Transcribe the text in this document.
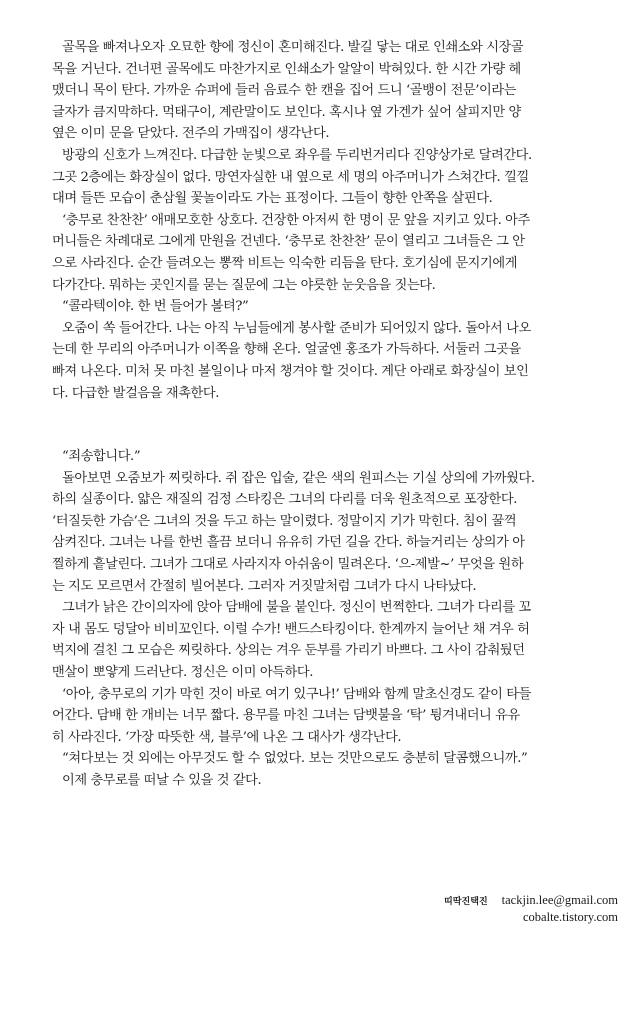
골목을 빠져나오자 오묘한 향에 정신이 혼미해진다. 발길 닿는 대로 인쇄소와 시장골
목을 거닌다. 건너편 골목에도 마찬가지로 인쇄소가 알알이 박혀있다. 한 시간 가량 헤
맸더니 목이 탄다. 가까운 슈퍼에 들러 음료수 한 캔을 집어 드니 ‘골뱅이 전문’이라는
글자가 큼지막하다. 먹태구이, 계란말이도 보인다. 혹시나 옆 가겐가 싶어 살피지만 양
옆은 이미 문을 닫았다. 전주의 가맥집이 생각난다.
방광의 신호가 느껴진다. 다급한 눈빛으로 좌우를 두리번거리다 진양상가로 달려간다.
그곳 2층에는 화장실이 없다. 망연자실한 내 옆으로 세 명의 아주머니가 스쳐간다. 낄낄
대며 들뜬 모습이 춘삼월 꽃놀이라도 가는 표정이다. 그들이 향한 안쪽을 살핀다.
‘충무로 찬찬찬’ 애매모호한 상호다. 건장한 아저씨 한 명이 문 앞을 지키고 있다. 아주
머니들은 차례대로 그에게 만원을 건넨다. ‘충무로 찬찬찬’ 문이 열리고 그녀들은 그 안
으로 사라진다. 순간 들려오는 뽕짝 비트는 익숙한 리듬을 탄다. 호기심에 문지기에게
다가간다. 뭐하는 곳인지를 묻는 질문에 그는 야릇한 눈웃음을 짓는다.
“콜라텍이야. 한 번 들어가 볼텨?”
오줌이 쏙 들어간다. 나는 아직 누님들에게 봉사할 준비가 되어있지 않다. 돌아서 나오
는데 한 무리의 아주머니가 이쪽을 향해 온다. 얼굴엔 홍조가 가득하다. 서둘러 그곳을
빠져 나온다. 미처 못 마친 볼일이나 마저 챙겨야 할 것이다. 계단 아래로 화장실이 보인
다. 다급한 발걸음을 재촉한다.
“죄송합니다.”
돌아보면 오줌보가 찌릿하다. 쥐 잡은 입술, 같은 색의 원피스는 기실 상의에 가까웠다.
하의 실종이다. 얇은 재질의 검정 스타킹은 그녀의 다리를 더욱 원초적으로 포장한다.
‘터질듯한 가슴’은 그녀의 것을 두고 하는 말이렸다. 정말이지 기가 막힌다. 침이 꿀꺽
삼켜진다. 그녀는 나를 한번 흘끔 보더니 유유히 가던 길을 간다. 하늘거리는 상의가 아
찔하게 흩날린다. 그녀가 그대로 사라지자 아쉬움이 밀려온다. ‘으-제발~’ 무엇을 원하
는 지도 모르면서 간절히 빌어본다. 그러자 거짓말처럼 그녀가 다시 나타났다.
그녀가 낡은 간이의자에 앉아 담배에 불을 붙인다. 정신이 번쩍한다. 그녀가 다리를 꼬
자 내 몸도 덩달아 비비꼬인다. 이럴 수가! 밴드스타킹이다. 한계까지 늘어난 채 겨우 허
벅지에 걸친 그 모습은 찌릿하다. 상의는 겨우 둔부를 가리기 바쁘다. 그 사이 감춰뒀던
맨살이 뽀얗게 드러난다. 정신은 이미 아득하다.
‘아아, 충무로의 기가 막힌 것이 바로 여기 있구나!’ 담배와 함께 말초신경도 같이 타들
어간다. 담배 한 개비는 너무 짧다. 용무를 마친 그녀는 담뱃불을 ‘탁’ 튕겨내더니 유유
히 사라진다. ‘가장 따뜻한 색, 블루’에 나온 그 대사가 생각난다.
“쳐다보는 것 외에는 아무것도 할 수 없었다. 보는 것만으로도 충분히 달콤했으니까.”
이제 충무로를 떠날 수 있을 것 같다.
띠딱진택진 tackjin.lee@gmail.com
cobalte.tistory.com
